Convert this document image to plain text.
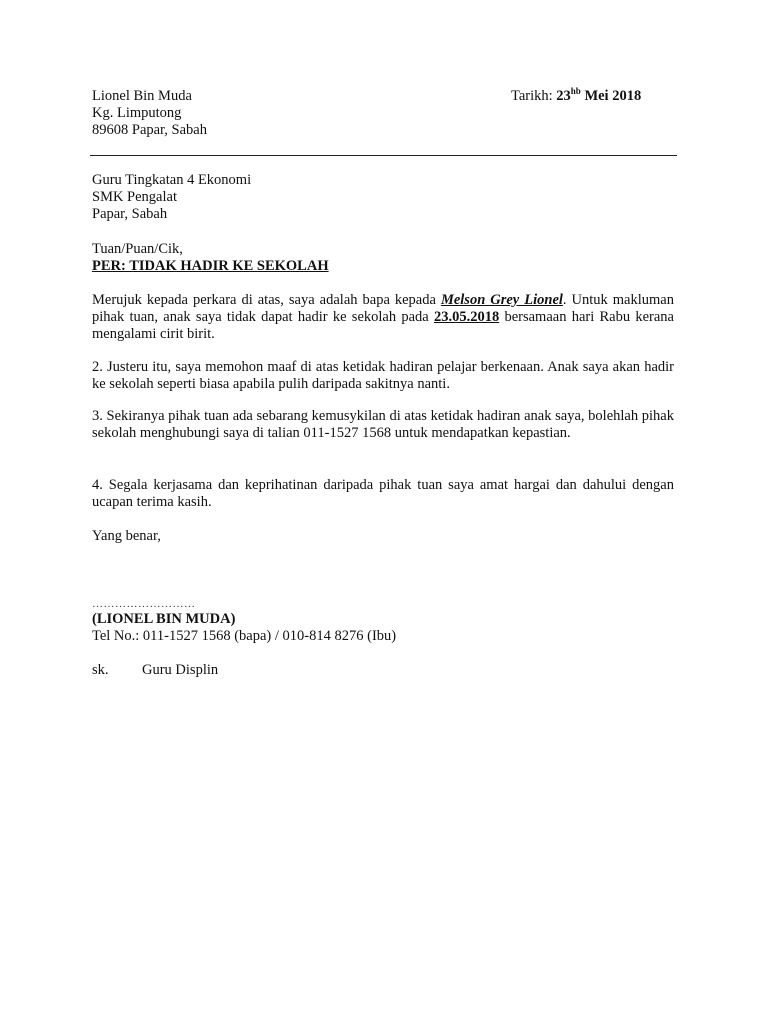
Lionel Bin Muda
Kg. Limputong
89608 Papar, Sabah
Tarikh: $23^{hb}$ Mei 2018
Guru Tingkatan 4 Ekonomi
SMK Pengalat
Papar, Sabah
Tuan/Puan/Cik,
PER: TIDAK HADIR KE SEKOLAH
Merujuk kepada perkara di atas, saya adalah bapa kepada Melson Grey Lionel. Untuk makluman pihak tuan, anak saya tidak dapat hadir ke sekolah pada 23.05.2018 bersamaan hari Rabu kerana mengalami cirit birit.
2. Justeru itu, saya memohon maaf di atas ketidak hadiran pelajar berkenaan. Anak saya akan hadir ke sekolah seperti biasa apabila pulih daripada sakitnya nanti.
3. Sekiranya pihak tuan ada sebarang kemusykilan di atas ketidak hadiran anak saya, bolehlah pihak sekolah menghubungi saya di talian 011-1527 1568 untuk mendapatkan kepastian.
4. Segala kerjasama dan keprihatinan daripada pihak tuan saya amat hargai dan dahului dengan ucapan terima kasih.
Yang benar,
………………………
(LIONEL BIN MUDA)
Tel No.: 011-1527 1568 (bapa) / 010-814 8276 (Ibu)
sk. Guru Displin
